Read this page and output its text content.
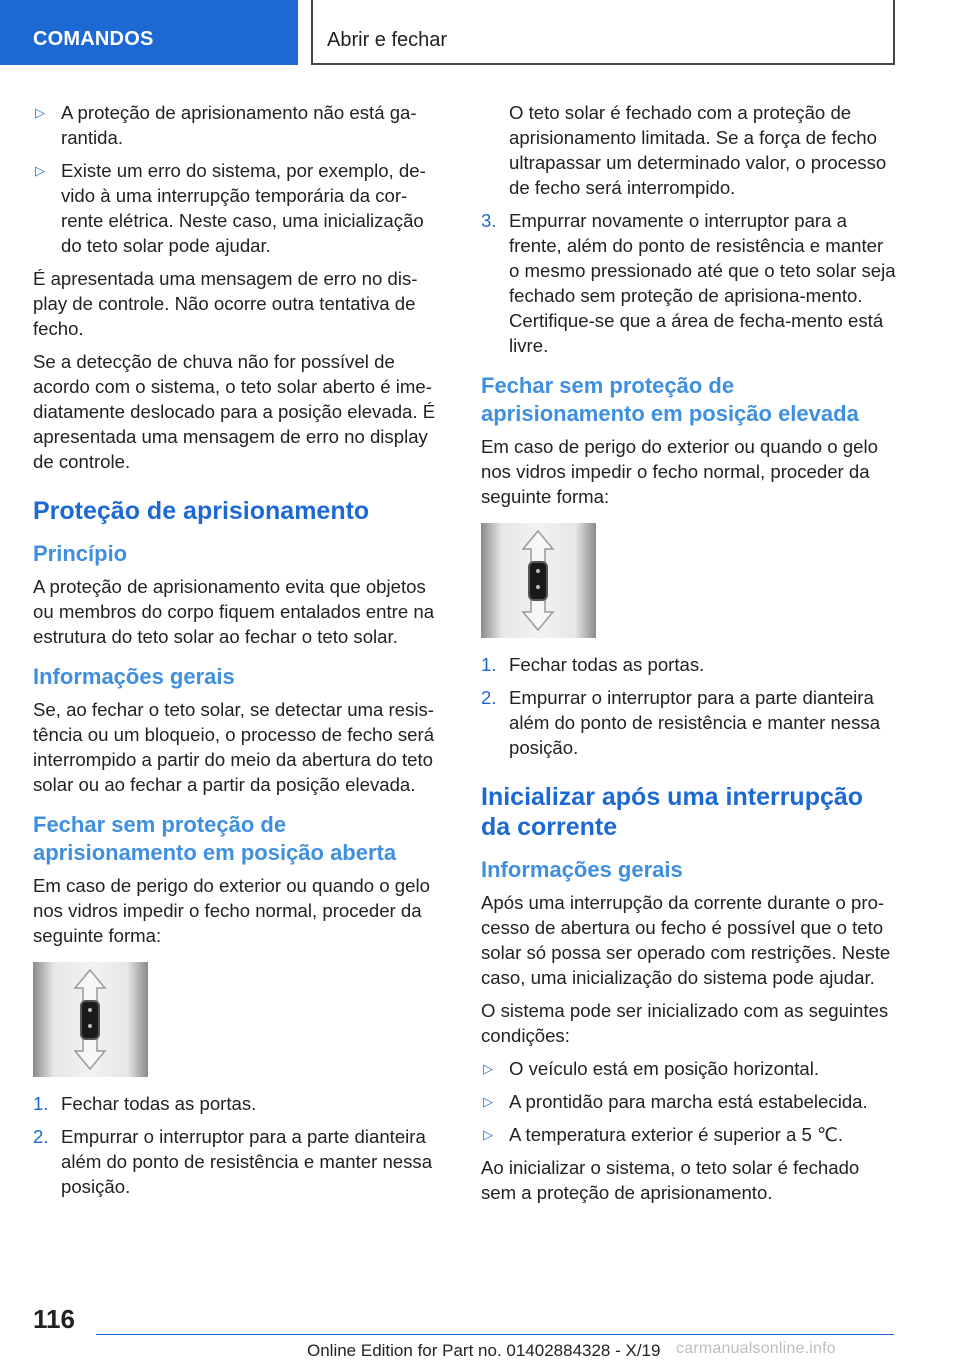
COMANDOS	Abrir e fechar
▷ A proteção de aprisionamento não está ga-rantida.
▷ Existe um erro do sistema, por exemplo, de-vido à uma interrupção temporária da cor-rente elétrica. Neste caso, uma inicialização do teto solar pode ajudar.

É apresentada uma mensagem de erro no dis-play de controle. Não ocorre outra tentativa de fecho.

Se a detecção de chuva não for possível de acordo com o sistema, o teto solar aberto é ime-diatamente deslocado para a posição elevada. É apresentada uma mensagem de erro no display de controle.

Proteção de aprisionamento
Princípio

A proteção de aprisionamento evita que objetos ou membros do corpo fiquem entalados entre na estrutura do teto solar ao fechar o teto solar.

Informações gerais

Se, ao fechar o teto solar, se detectar uma resis-tência ou um bloqueio, o processo de fecho será interrompido a partir do meio da abertura do teto solar ou ao fechar a partir da posição elevada.

Fechar sem proteção de aprisionamento em posição aberta

Em caso de perigo do exterior ou quando o gelo nos vidros impedir o fecho normal, proceder da seguinte forma:

1. Fechar todas as portas.
2. Empurrar o interruptor para a parte dianteira além do ponto de resistência e manter nessa posição.
O teto solar é fechado com a proteção de aprisionamento limitada. Se a força de fecho ultrapassar um determinado valor, o processo de fecho será interrompido.
3. Empurrar novamente o interruptor para a frente, além do ponto de resistência e manter o mesmo pressionado até que o teto solar seja fechado sem proteção de aprisiona-mento. Certifique-se que a área de fecha-mento está livre.
Fechar sem proteção de aprisionamento em posição elevada

Em caso de perigo do exterior ou quando o gelo nos vidros impedir o fecho normal, proceder da seguinte forma:

1. Fechar todas as portas.
2. Empurrar o interruptor para a parte dianteira além do ponto de resistência e manter nessa posição.
Inicializar após uma interrupção da corrente
Informações gerais

Após uma interrupção da corrente durante o pro-cesso de abertura ou fecho é possível que o teto solar só possa ser operado com restrições. Neste caso, uma inicialização do sistema pode ajudar.

O sistema pode ser inicializado com as seguintes condições:

▷ O veículo está em posição horizontal.
▷ A prontidão para marcha está estabelecida.
▷ A temperatura exterior é superior a 5 ℃.

Ao inicializar o sistema, o teto solar é fechado sem a proteção de aprisionamento.

116
Online Edition for Part no. 01402884328 - X/19 carmanualsonline.info
